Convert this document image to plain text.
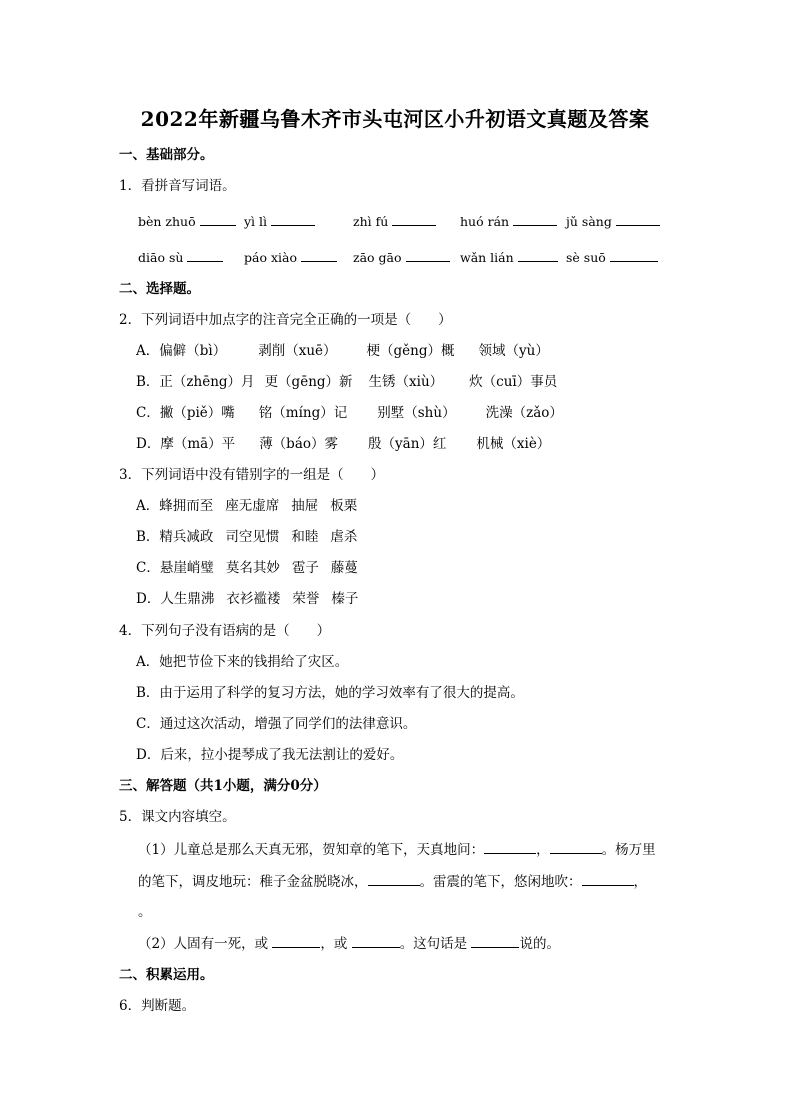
2022年新疆乌鲁木齐市头屯河区小升初语文真题及答案
一、基础部分。
1．看拼音写词语。
bèn zhuō	yì lì	zhì fú	huó rán	jǔ sàng
diāo sù	páo xiào	zāo gāo	wǎn lián	sè suō
二、选择题。
2．下列词语中加点字的注音完全正确的一项是（　　）
A．偏僻（bì） 剥削（xuē） 梗（gěng）概 领域（yù）
B．正（zhēng）月 更（gēng）新 生锈（xiù） 炊（cuī）事员
C．撇（piě）嘴 铭（míng）记 别墅（shù） 洗澡（zǎo）
D．摩（mā）平 薄（báo）雾 殷（yān）红 机械（xiè）
3．下列词语中没有错别字的一组是（　　）
A．蜂拥而至 座无虚席 抽屉 板栗
B．精兵减政 司空见惯 和睦 虐杀
C．悬崖峭璧 莫名其妙 雹子 藤蔓
D．人生鼎沸 衣衫褴褛 荣誉 榛子
4．下列句子没有语病的是（　　）
A．她把节俭下来的钱捐给了灾区。
B．由于运用了科学的复习方法，她的学习效率有了很大的提高。
C．通过这次活动，增强了同学们的法律意识。
D．后来，拉小提琴成了我无法割让的爱好。
三、解答题（共1小题，满分0分）
5．课文内容填空。
（1）儿童总是那么天真无邪，贺知章的笔下，天真地问：	，	。杨万里
的笔下，调皮地玩：稚子金盆脱晓冰，	。雷震的笔下，悠闲地吹：	，
。
（2）人固有一死，或	，或	。这句话是	说的。
二、积累运用。
6．判断题。
